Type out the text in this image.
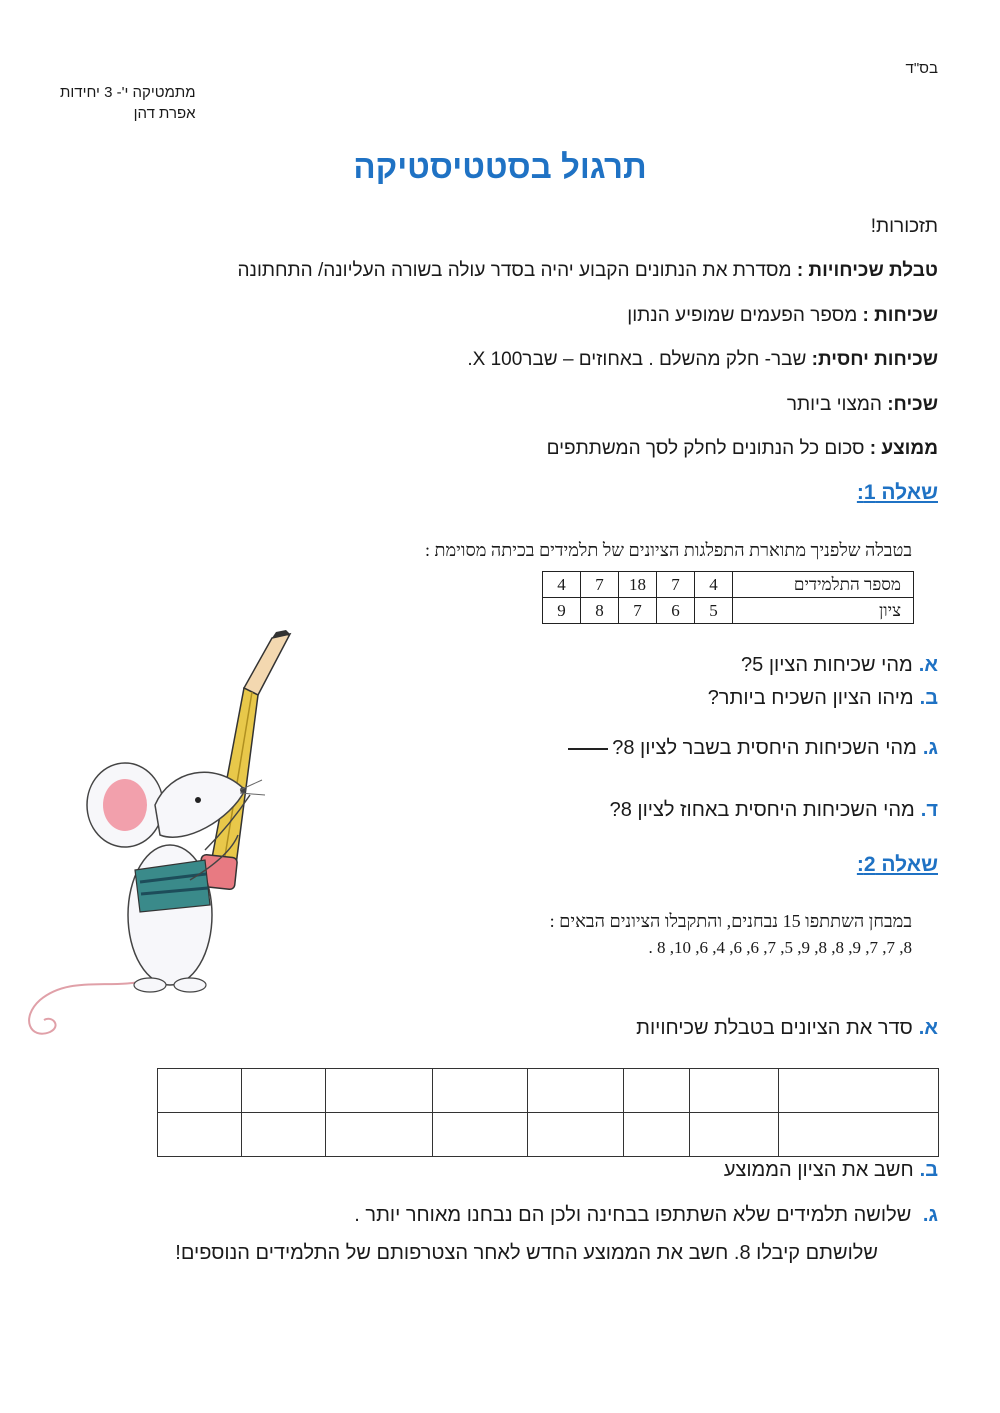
בס"ד
מתמטיקה י'- 3 יחידות
אפרת דהן
תרגול בסטטיסטיקה
תזכורות!
טבלת שכיחויות : מסדרת את הנתונים הקבוע יהיה בסדר עולה בשורה העליונה/ התחתונה
שכיחות : מספר הפעמים שמופיע הנתון
שכיחות יחסית: שבר- חלק מהשלם . באחוזים – שברX 100.
שכיח: המצוי ביותר
ממוצע : סכום כל הנתונים לחלק לסך המשתתפים
שאלה 1:
בטבלה שלפניך מתוארת התפלגות הציונים של תלמידים בכיתה מסוימת :
מספר התלמידים	4	7	18	7	4
ציון	5	6	7	8	9
א.מהי שכיחות הציון 5?
ב.מיהו הציון השכיח ביותר?
ג.מהי השכיחות היחסית בשבר לציון 8?
ד.מהי השכיחות היחסית באחוז לציון 8?
שאלה 2:
במבחן השתתפו 15 נבחנים, והתקבלו הציונים הבאים :
8, 7, 7, 9, 8, 8, 9, 5, 7, 6, 6, 4, 6, 10, 8 .
א.סדר את הציונים בטבלת שכיחויות

ב.חשב את הציון הממוצע
ג. שלושה תלמידים שלא השתתפו בבחינה ולכן הם נבחנו מאוחר יותר .
שלושתם קיבלו 8. חשב את הממוצע החדש לאחר הצטרפותם של התלמידים הנוספים!
